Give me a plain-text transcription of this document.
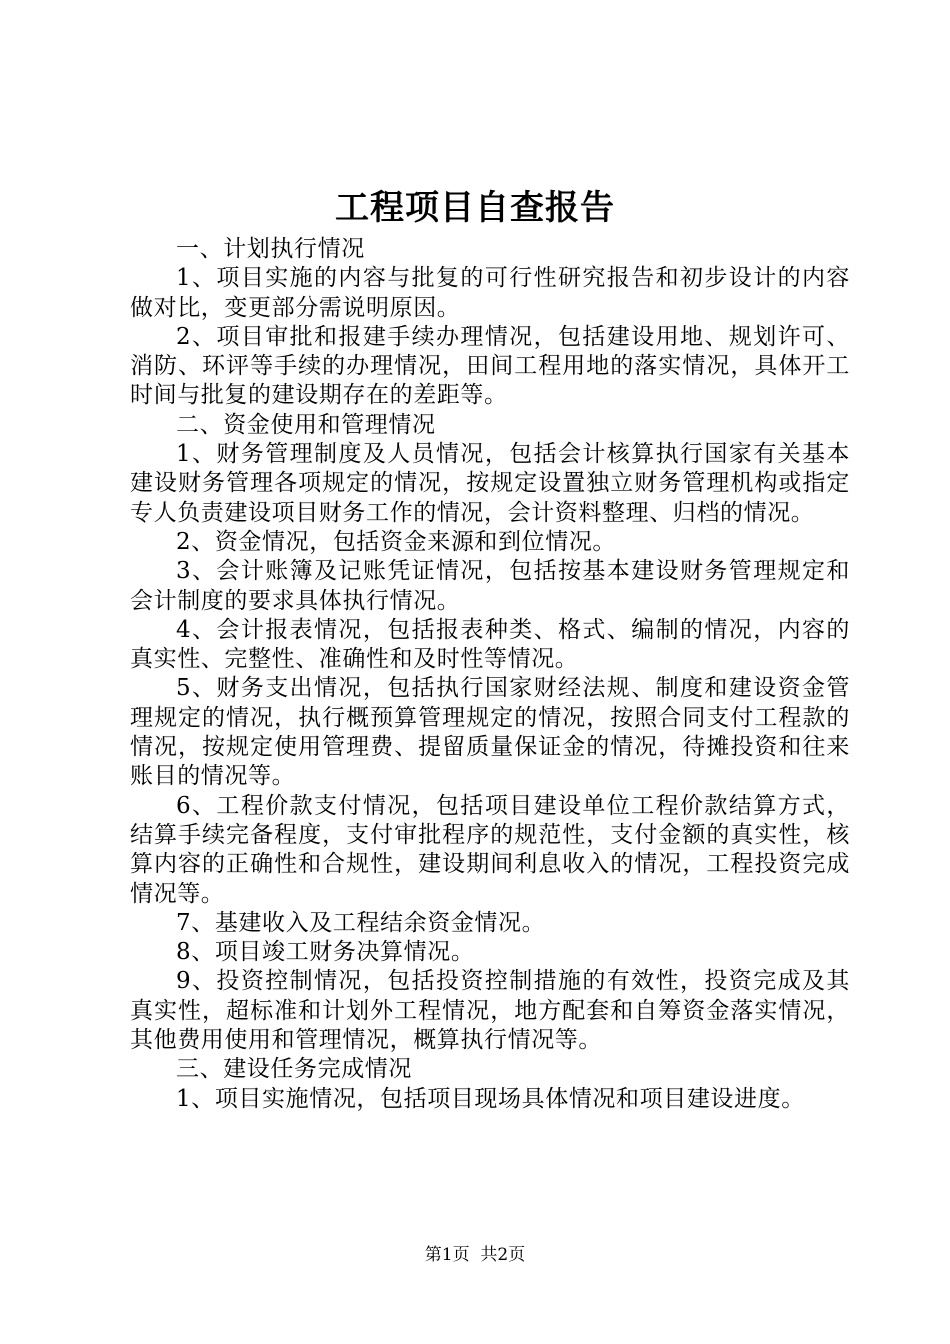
工程项目自查报告

一、计划执行情况

1、项目实施的内容与批复的可行性研究报告和初步设计的内容做对比，变更部分需说明原因。

2、项目审批和报建手续办理情况，包括建设用地、规划许可、消防、环评等手续的办理情况，田间工程用地的落实情况，具体开工时间与批复的建设期存在的差距等。

二、资金使用和管理情况

1、财务管理制度及人员情况，包括会计核算执行国家有关基本建设财务管理各项规定的情况，按规定设置独立财务管理机构或指定专人负责建设项目财务工作的情况，会计资料整理、归档的情况。

2、资金情况，包括资金来源和到位情况。

3、会计账簿及记账凭证情况，包括按基本建设财务管理规定和会计制度的要求具体执行情况。

4、会计报表情况，包括报表种类、格式、编制的情况，内容的真实性、完整性、准确性和及时性等情况。

5、财务支出情况，包括执行国家财经法规、制度和建设资金管理规定的情况，执行概预算管理规定的情况，按照合同支付工程款的情况，按规定使用管理费、提留质量保证金的情况，待摊投资和往来账目的情况等。

6、工程价款支付情况，包括项目建设单位工程价款结算方式，结算手续完备程度，支付审批程序的规范性，支付金额的真实性，核算内容的正确性和合规性，建设期间利息收入的情况，工程投资完成情况等。

7、基建收入及工程结余资金情况。

8、项目竣工财务决算情况。

9、投资控制情况，包括投资控制措施的有效性，投资完成及其真实性，超标准和计划外工程情况，地方配套和自筹资金落实情况，其他费用使用和管理情况，概算执行情况等。

三、建设任务完成情况

1、项目实施情况，包括项目现场具体情况和项目建设进度。

第1页 共2页
